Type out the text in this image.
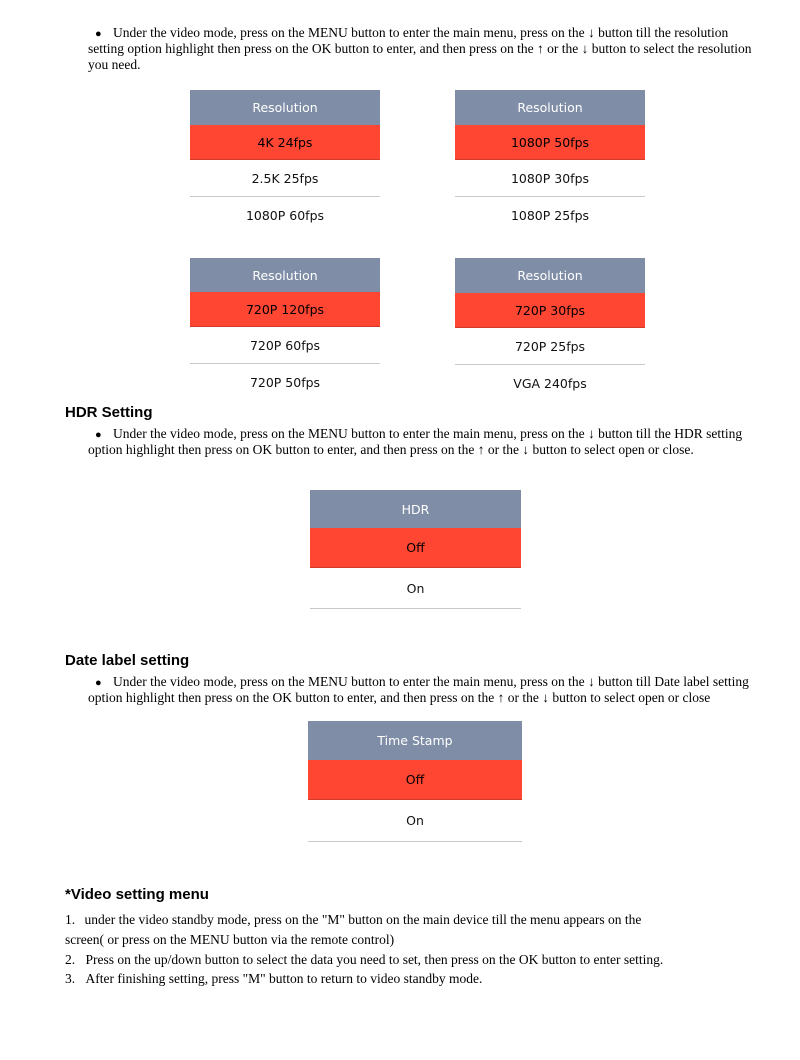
● Under the video mode, press on the MENU button to enter the main menu, press on the ↓ button till the resolution setting option highlight then press on the OK button to enter, and then press on the ↑ or the ↓ button to select the resolution you need.
Resolution
4K 24fps
2.5K 25fps
1080P 60fps
Resolution
1080P 50fps
1080P 30fps
1080P 25fps
Resolution
720P 120fps
720P 60fps
720P 50fps
Resolution
720P 30fps
720P 25fps
VGA 240fps
HDR Setting
● Under the video mode, press on the MENU button to enter the main menu, press on the ↓ button till the HDR setting option highlight then press on OK button to enter, and then press on the ↑ or the ↓ button to select open or close.
HDR
Off
On
Date label setting
● Under the video mode, press on the MENU button to enter the main menu, press on the ↓ button till Date label setting option highlight then press on the OK button to enter, and then press on the ↑ or the ↓ button to select open or close
Time Stamp
Off
On
*Video setting menu
1. under the video standby mode, press on the "M" button on the main device till the menu appears on the
screen( or press on the MENU button via the remote control)
2. Press on the up/down button to select the data you need to set, then press on the OK button to enter setting.
3. After finishing setting, press "M" button to return to video standby mode.
